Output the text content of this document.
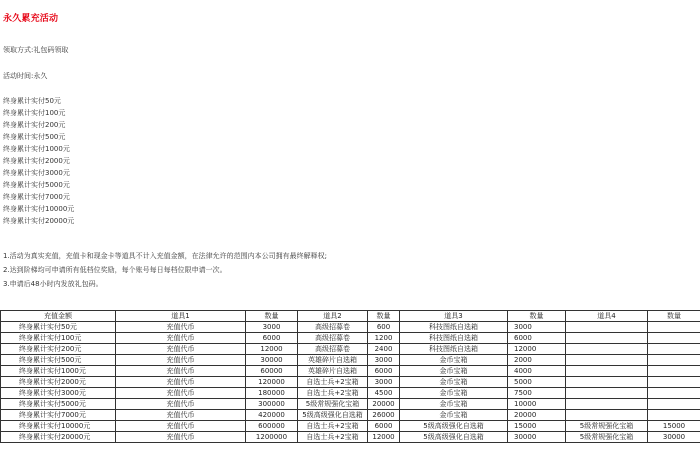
永久累充活动
领取方式:礼包码领取
活动时间:永久
终身累计实付50元
终身累计实付100元
终身累计实付200元
终身累计实付500元
终身累计实付1000元
终身累计实付2000元
终身累计实付3000元
终身累计实付5000元
终身累计实付7000元
终身累计实付10000元
终身累计实付20000元
1.活动为真实充值，充值卡和现金卡等道具不计入充值金额，在法律允许的范围内本公司拥有最终解释权;
2.达到阶梯均可申请所有低档位奖励，每个账号每日每档位限申请一次。
3.申请后48小时内发放礼包码。
充值金额	道具1	数量	道具2	数量	道具3	数量	道具4	数量
终身累计实付50元	充值代币	3000	高级招募卷	600	科技图纸自选箱	3000		
终身累计实付100元	充值代币	6000	高级招募卷	1200	科技图纸自选箱	6000		
终身累计实付200元	充值代币	12000	高级招募卷	2400	科技图纸自选箱	12000		
终身累计实付500元	充值代币	30000	英雄碎片自选箱	3000	金币宝箱	2000		
终身累计实付1000元	充值代币	60000	英雄碎片自选箱	6000	金币宝箱	4000		
终身累计实付2000元	充值代币	120000	自选士兵+2宝箱	3000	金币宝箱	5000		
终身累计实付3000元	充值代币	180000	自选士兵+2宝箱	4500	金币宝箱	7500		
终身累计实付5000元	充值代币	300000	5级常规强化宝箱	20000	金币宝箱	10000		
终身累计实付7000元	充值代币	420000	5级高级强化自选箱	26000	金币宝箱	20000		
终身累计实付10000元	充值代币	600000	自选士兵+2宝箱	6000	5级高级强化自选箱	15000	5级常规强化宝箱	15000
终身累计实付20000元	充值代币	1200000	自选士兵+2宝箱	12000	5级高级强化自选箱	30000	5级常规强化宝箱	30000
